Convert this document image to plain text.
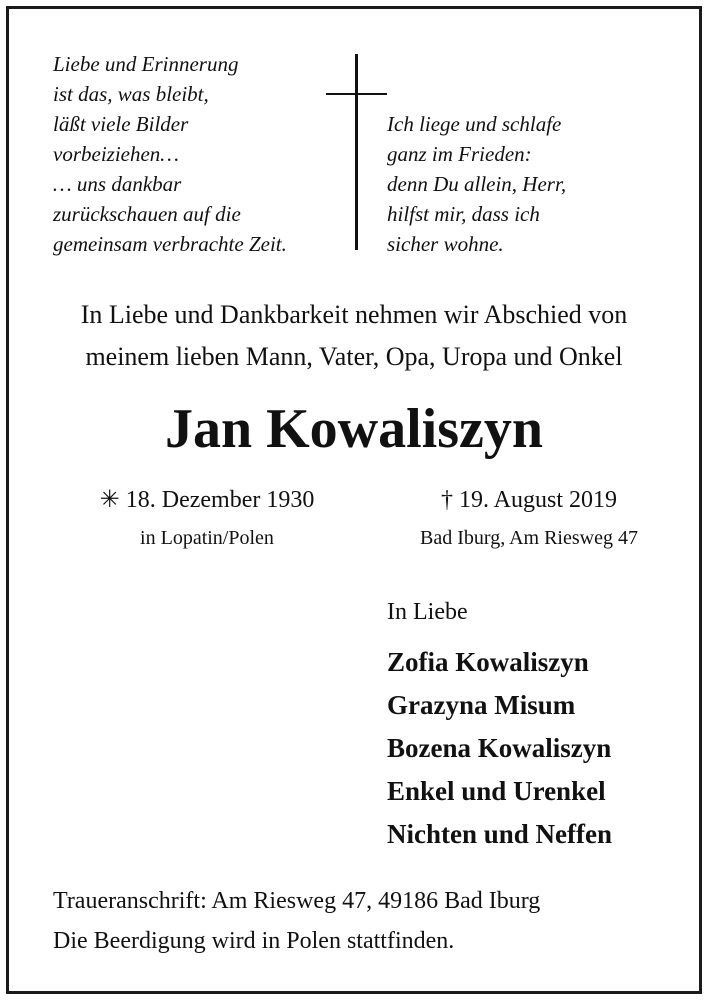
Liebe und Erinnerung
ist das, was bleibt,
läßt viele Bilder
vorbeiziehen…
… uns dankbar
zurückschauen auf die
gemeinsam verbrachte Zeit.
Ich liege und schlafe
ganz im Frieden:
denn Du allein, Herr,
hilfst mir, dass ich
sicher wohne.
In Liebe und Dankbarkeit nehmen wir Abschied von
meinem lieben Mann, Vater, Opa, Uropa und Onkel
Jan Kowaliszyn
✳ 18. Dezember 1930
in Lopatin/Polen
† 19. August 2019
Bad Iburg, Am Riesweg 47
In Liebe
Zofia Kowaliszyn
Grazyna Misum
Bozena Kowaliszyn
Enkel und Urenkel
Nichten und Neffen
Traueranschrift: Am Riesweg 47, 49186 Bad Iburg
Die Beerdigung wird in Polen stattfinden.
